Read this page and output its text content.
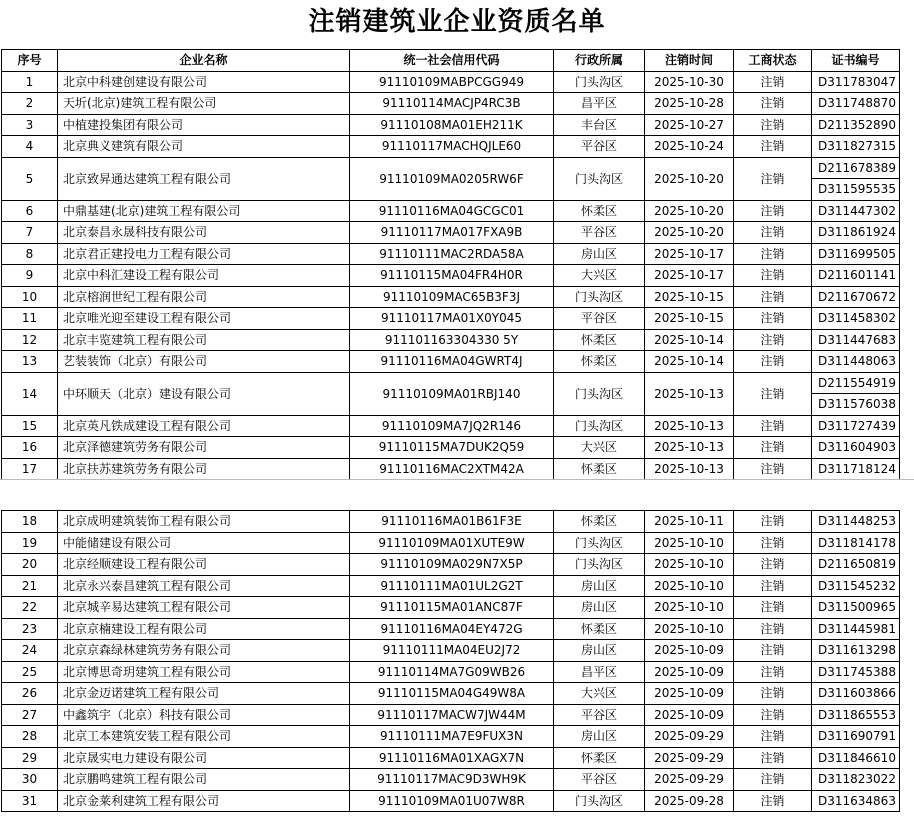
注销建筑业企业资质名单
序号	企业名称	统一社会信用代码	行政所属	注销时间	工商状态	证书编号
1	北京中科建创建设有限公司	91110109MABPCGG949	门头沟区	2025-10-30	注销	D311783047
2	天圻(北京)建筑工程有限公司	91110114MACJP4RC3B	昌平区	2025-10-28	注销	D311748870
3	中植建投集团有限公司	91110108MA01EH211K	丰台区	2025-10-27	注销	D211352890
4	北京典义建筑有限公司	91110117MACHQJLE60	平谷区	2025-10-24	注销	D311827315
5	北京致昇通达建筑工程有限公司	91110109MA0205RW6F	门头沟区	2025-10-20	注销	D211678389
						D311595535
6	中鼎基建(北京)建筑工程有限公司	91110116MA04GCGC01	怀柔区	2025-10-20	注销	D311447302
7	北京泰昌永晟科技有限公司	91110117MA017FXA9B	平谷区	2025-10-20	注销	D311861924
8	北京君正建投电力工程有限公司	91110111MAC2RDA58A	房山区	2025-10-17	注销	D311699505
9	北京中科汇建设工程有限公司	91110115MA04FR4H0R	大兴区	2025-10-17	注销	D211601141
10	北京榕润世纪工程有限公司	91110109MAC65B3F3J	门头沟区	2025-10-15	注销	D211670672
11	北京唯光迎至建设工程有限公司	91110117MA01X0Y045	平谷区	2025-10-15	注销	D311458302
12	北京丰览建筑工程有限公司	911101163304330 5Y	怀柔区	2025-10-14	注销	D311447683
13	艺装装饰（北京）有限公司	91110116MA04GWRT4J	怀柔区	2025-10-14	注销	D311448063
14	中环顺天（北京）建设有限公司	91110109MA01RBJ140	门头沟区	2025-10-13	注销	D211554919
						D311576038
15	北京英凡铁成建设工程有限公司	91110109MA7JQ2R146	门头沟区	2025-10-13	注销	D311727439
16	北京泽德建筑劳务有限公司	91110115MA7DUK2Q59	大兴区	2025-10-13	注销	D311604903
17	北京扶苏建筑劳务有限公司	91110116MAC2XTM42A	怀柔区	2025-10-13	注销	D311718124
18	北京成明建筑装饰工程有限公司	91110116MA01B61F3E	怀柔区	2025-10-11	注销	D311448253
19	中能储建设有限公司	91110109MA01XUTE9W	门头沟区	2025-10-10	注销	D311814178
20	北京经顺建设工程有限公司	91110109MA029N7X5P	门头沟区	2025-10-10	注销	D211650819
21	北京永兴泰昌建筑工程有限公司	91110111MA01UL2G2T	房山区	2025-10-10	注销	D311545232
22	北京城辛易达建筑工程有限公司	91110115MA01ANC87F	房山区	2025-10-10	注销	D311500965
23	北京京楠建设工程有限公司	91110116MA04EY472G	怀柔区	2025-10-10	注销	D311445981
24	北京京森绿林建筑劳务有限公司	91110111MA04EU2J72	房山区	2025-10-09	注销	D311613298
25	北京博思奇玥建筑工程有限公司	91110114MA7G09WB26	昌平区	2025-10-09	注销	D311745388
26	北京金迈诺建筑工程有限公司	91110115MA04G49W8A	大兴区	2025-10-09	注销	D311603866
27	中鑫筑宇（北京）科技有限公司	91110117MACW7JW44M	平谷区	2025-10-09	注销	D311865553
28	北京工本建筑安装工程有限公司	91110111MA7E9FUX3N	房山区	2025-09-29	注销	D311690791
29	北京晟实电力建设有限公司	91110116MA01XAGX7N	怀柔区	2025-09-29	注销	D311846610
30	北京鹏鸣建筑工程有限公司	91110117MAC9D3WH9K	平谷区	2025-09-29	注销	D311823022
31	北京金莱利建筑工程有限公司	91110109MA01U07W8R	门头沟区	2025-09-28	注销	D311634863
